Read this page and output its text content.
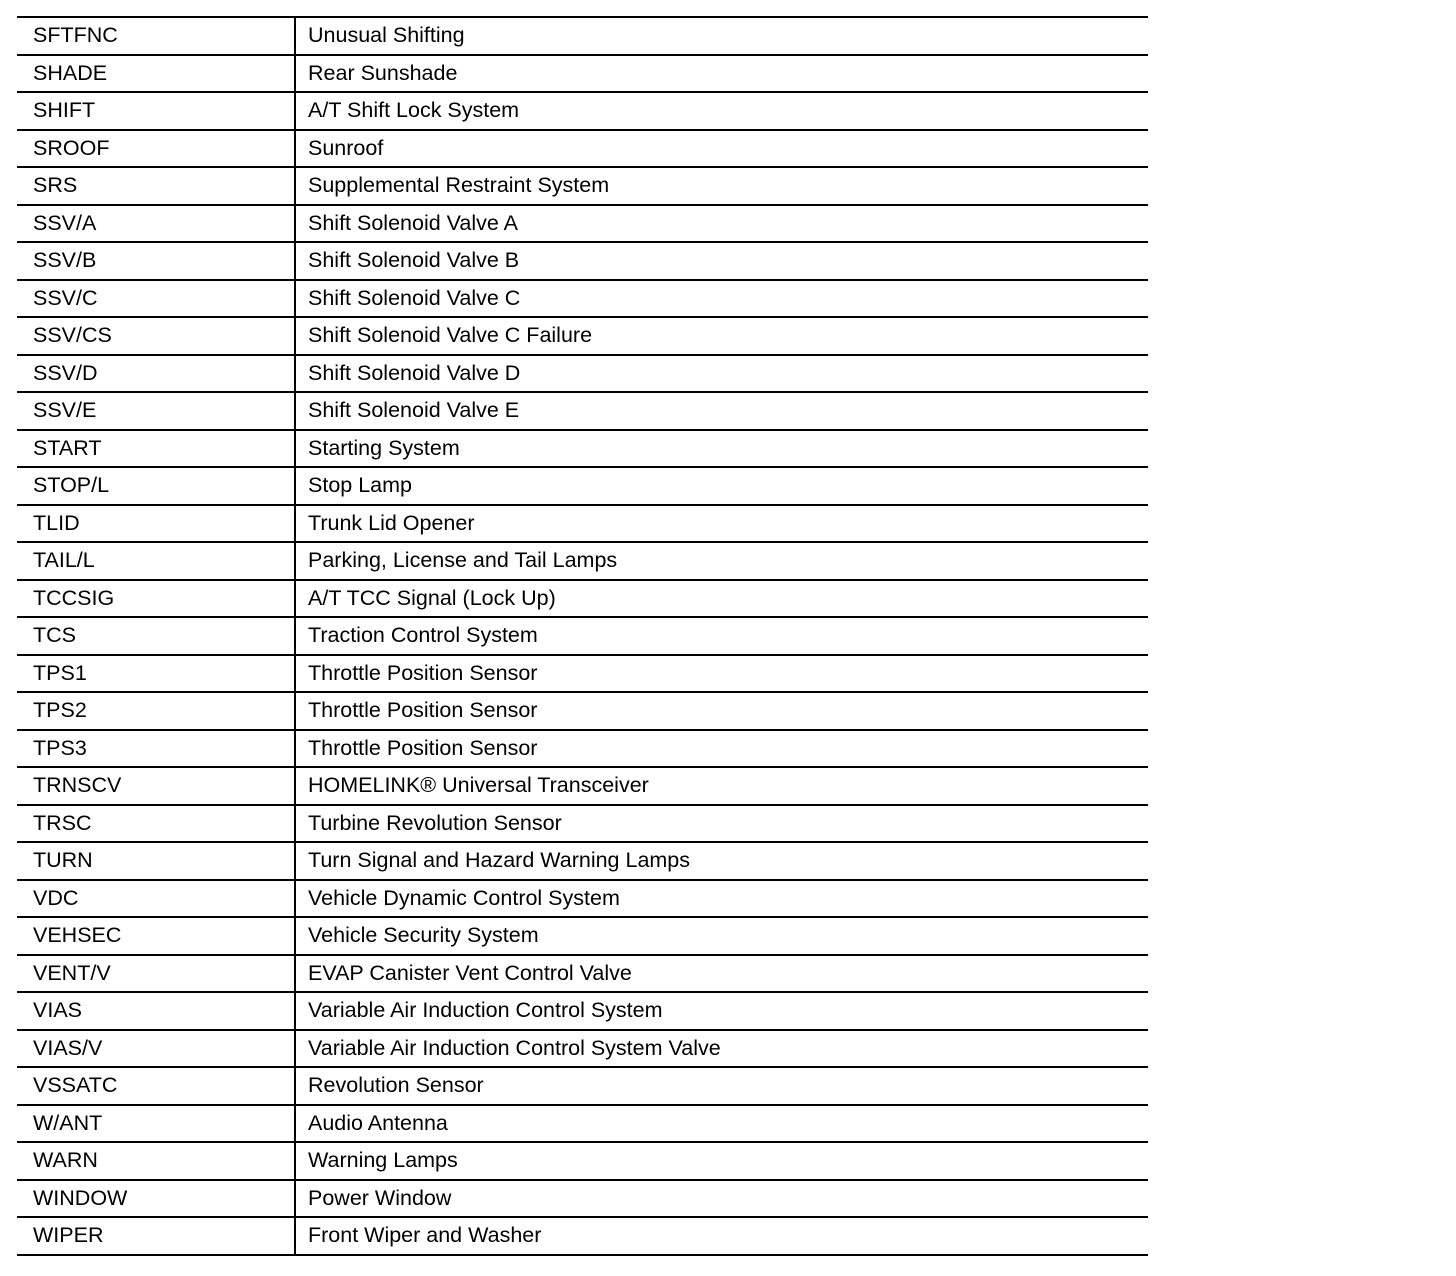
SFTFNC	Unusual Shifting
SHADE	Rear Sunshade
SHIFT	A/T Shift Lock System
SROOF	Sunroof
SRS	Supplemental Restraint System
SSV/A	Shift Solenoid Valve A
SSV/B	Shift Solenoid Valve B
SSV/C	Shift Solenoid Valve C
SSV/CS	Shift Solenoid Valve C Failure
SSV/D	Shift Solenoid Valve D
SSV/E	Shift Solenoid Valve E
START	Starting System
STOP/L	Stop Lamp
TLID	Trunk Lid Opener
TAIL/L	Parking, License and Tail Lamps
TCCSIG	A/T TCC Signal (Lock Up)
TCS	Traction Control System
TPS1	Throttle Position Sensor
TPS2	Throttle Position Sensor
TPS3	Throttle Position Sensor
TRNSCV	HOMELINK® Universal Transceiver
TRSC	Turbine Revolution Sensor
TURN	Turn Signal and Hazard Warning Lamps
VDC	Vehicle Dynamic Control System
VEHSEC	Vehicle Security System
VENT/V	EVAP Canister Vent Control Valve
VIAS	Variable Air Induction Control System
VIAS/V	Variable Air Induction Control System Valve
VSSATC	Revolution Sensor
W/ANT	Audio Antenna
WARN	Warning Lamps
WINDOW	Power Window
WIPER	Front Wiper and Washer
